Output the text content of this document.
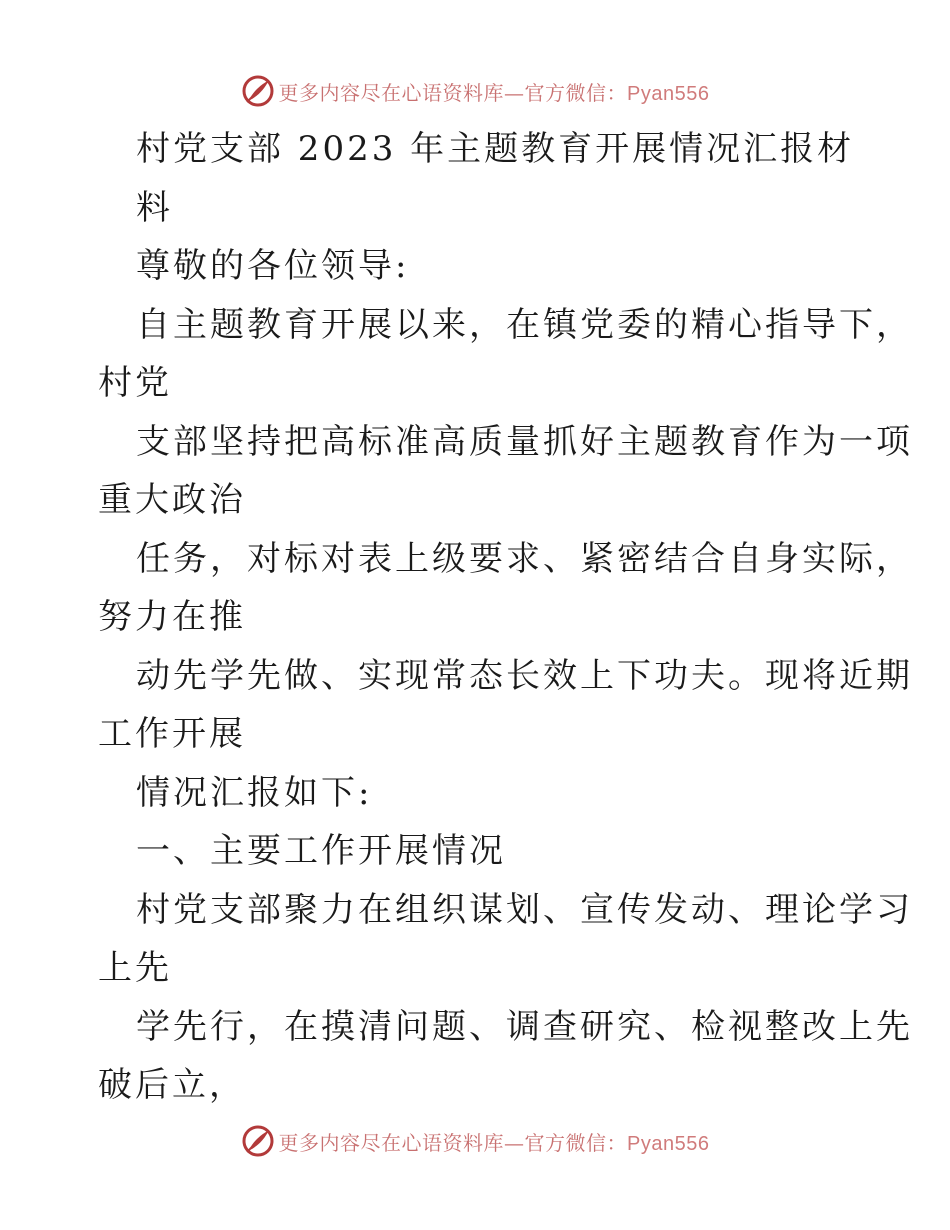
更多内容尽在心语资料库—官方微信：Pyan556
村党支部 2023 年主题教育开展情况汇报材
料
尊敬的各位领导:
自主题教育开展以来，在镇党委的精心指导下，
村党
支部坚持把高标准高质量抓好主题教育作为一项
重大政治
任务，对标对表上级要求、紧密结合自身实际，
努力在推
动先学先做、实现常态长效上下功夫。现将近期
工作开展
情况汇报如下:
一、主要工作开展情况
村党支部聚力在组织谋划、宣传发动、理论学习
上先
学先行，在摸清问题、调查研究、检视整改上先
破后立，
更多内容尽在心语资料库—官方微信：Pyan556
